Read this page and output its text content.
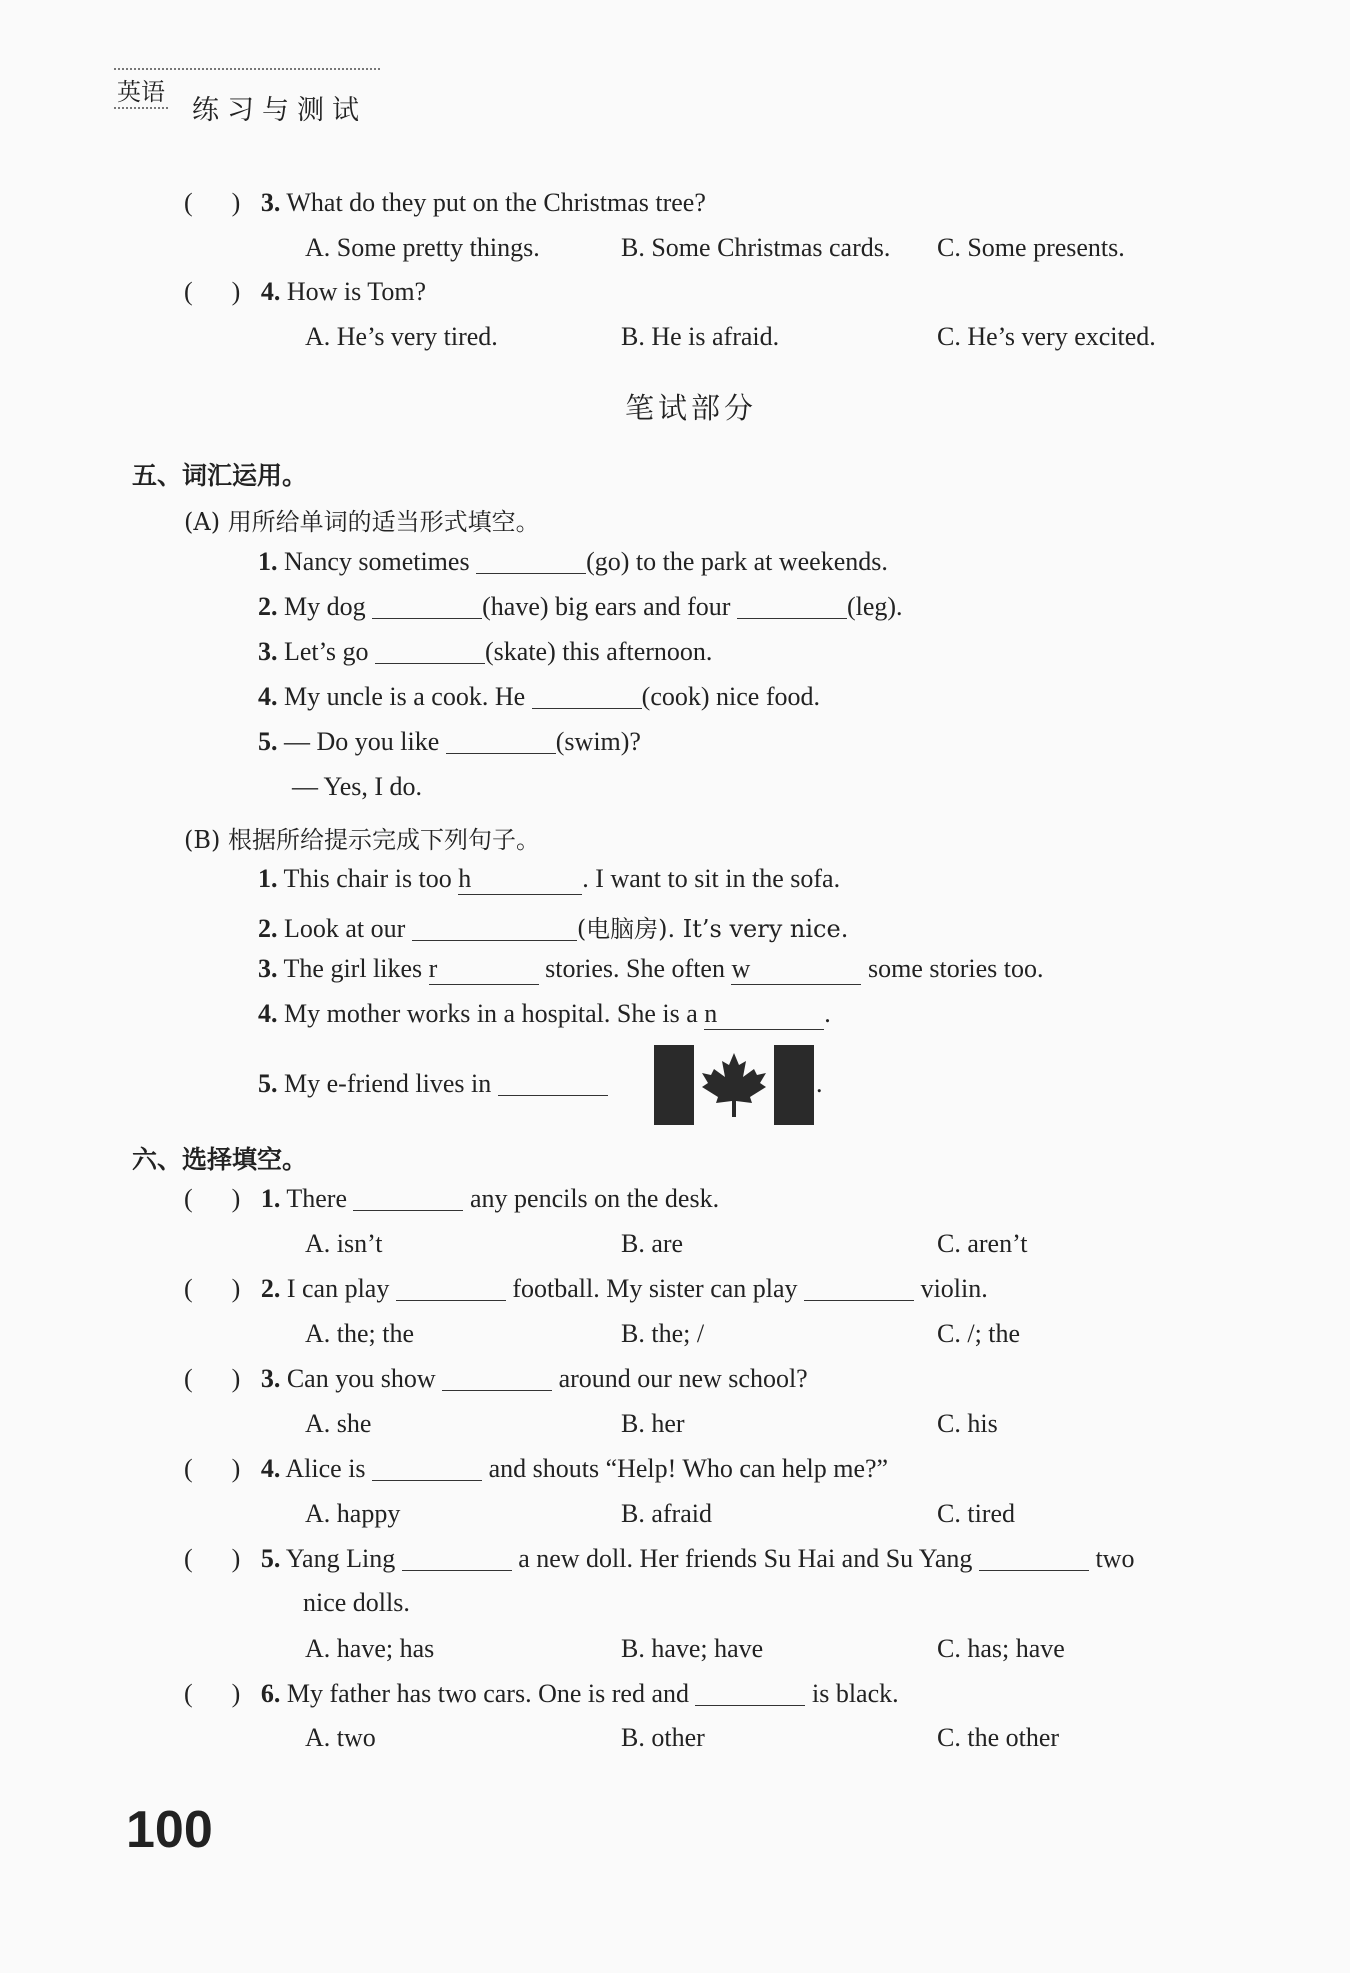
英语
练习与测试
(      ) 3. What do they put on the Christmas tree?
A. Some pretty things.	B. Some Christmas cards. C. Some presents.
(      ) 4. How is Tom?
A. He’s very tired.	B. He is afraid.	C. He’s very excited.
笔试部分
五、词汇运用。
(A) 用所给单词的适当形式填空。
1. Nancy sometimes	(go) to the park at weekends.
2. My dog	(have) big ears and four	(leg).
3. Let’s go	(skate) this afternoon.
4. My uncle is a cook. He	(cook) nice food.
5. — Do you like	(swim)?
— Yes, I do.
(B) 根据所给提示完成下列句子。
1. This chair is too h	. I want to sit in the sofa.
2. Look at our	(电脑房). It’s very nice.
3. The girl likes r	stories. She often w	some stories too.
4. My mother works in a hospital. She is a n	.
5. My e-friend lives in	.
六、选择填空。
(      ) 1. There	any pencils on the desk.
A. isn’t	B. are	C. aren’t
(      ) 2. I can play	football. My sister can play	violin.
A. the; the	B. the; /	C. /; the
(      ) 3. Can you show	around our new school?
A. she	B. her	C. his
(      ) 4. Alice is	and shouts “Help! Who can help me?”
A. happy	B. afraid	C. tired
(      ) 5. Yang Ling	a new doll. Her friends Su Hai and Su Yang	two
nice dolls.
A. have; has	B. have; have	C. has; have
(      ) 6. My father has two cars. One is red and	is black.
A. two	B. other	C. the other
100
